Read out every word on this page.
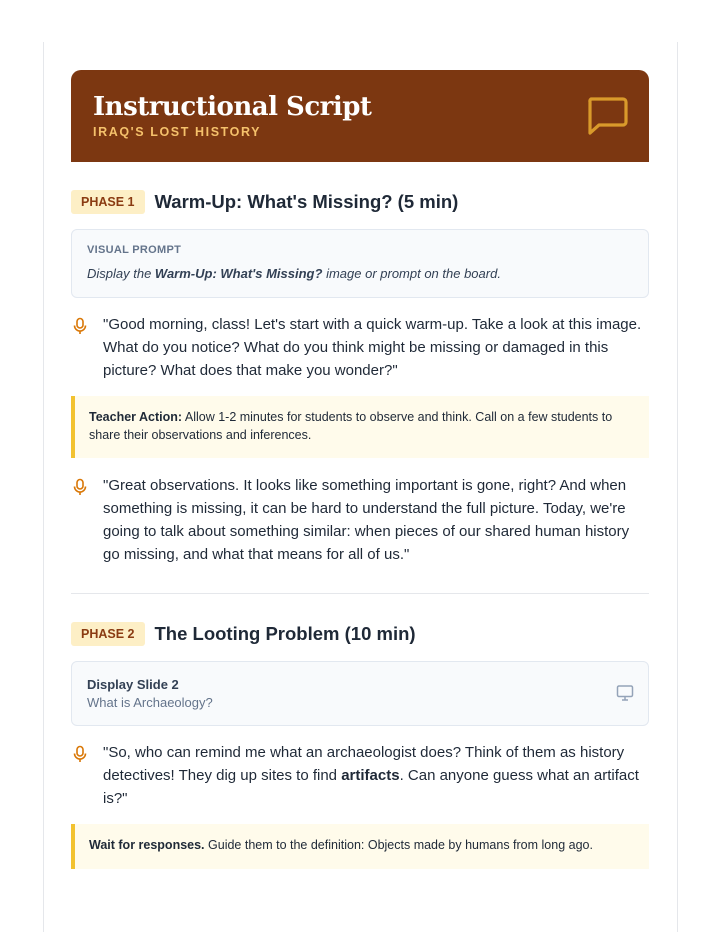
Instructional Script
IRAQ'S LOST HISTORY
PHASE 1	Warm-Up: What's Missing? (5 min)
VISUAL PROMPT
Display the Warm-Up: What's Missing? image or prompt on the board.
"Good morning, class! Let's start with a quick warm-up. Take a look at this image. What do you notice? What do you think might be missing or damaged in this picture? What does that make you wonder?"
Teacher Action: Allow 1-2 minutes for students to observe and think. Call on a few students to share their observations and inferences.
"Great observations. It looks like something important is gone, right? And when something is missing, it can be hard to understand the full picture. Today, we're going to talk about something similar: when pieces of our shared human history go missing, and what that means for all of us."
PHASE 2	The Looting Problem (10 min)
Display Slide 2
What is Archaeology?
"So, who can remind me what an archaeologist does? Think of them as history detectives! They dig up sites to find artifacts. Can anyone guess what an artifact is?"
Wait for responses. Guide them to the definition: Objects made by humans from long ago.
